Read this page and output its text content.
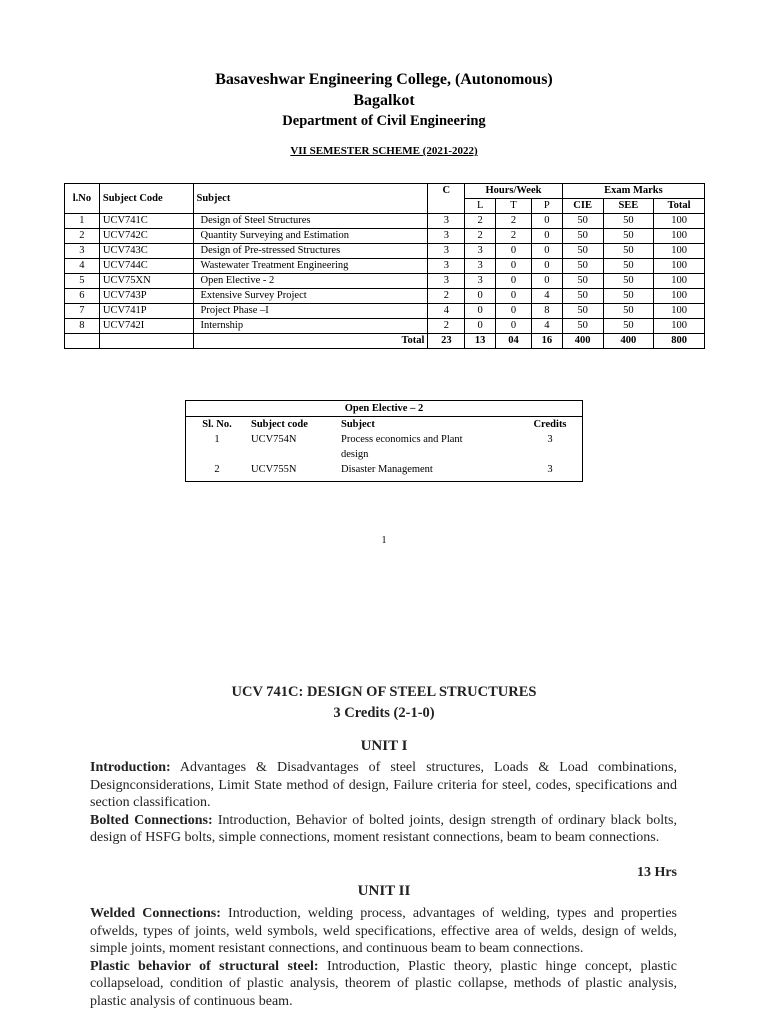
Basaveshwar Engineering College, (Autonomous)
Bagalkot
Department of Civil Engineering
VII SEMESTER SCHEME (2021-2022)
l.No	Subject Code	Subject	C	Hours/Week			Exam Marks		
				L	T	P	CIE	SEE	Total
1	UCV741C	Design of Steel Structures	3	2	2	0	50	50	100
2	UCV742C	Quantity Surveying and Estimation	3	2	2	0	50	50	100
3	UCV743C	Design of Pre-stressed Structures	3	3	0	0	50	50	100
4	UCV744C	Wastewater Treatment Engineering	3	3	0	0	50	50	100
5	UCV75XN	Open Elective - 2	3	3	0	0	50	50	100
6	UCV743P	Extensive Survey Project	2	0	0	4	50	50	100
7	UCV741P	Project Phase –I	4	0	0	8	50	50	100
8	UCV742I	Internship	2	0	0	4	50	50	100
		Total	23	13	04	16	400	400	800
Open Elective – 2
Sl. No.	Subject code	Subject	Credits
1	UCV754N	Process economics and Plant
design	3
2	UCV755N	Disaster Management	3
1
UCV 741C: DESIGN OF STEEL STRUCTURES
3 Credits (2-1-0)
UNIT I

Introduction: Advantages & Disadvantages of steel structures, Loads & Load combinations, Designconsiderations, Limit State method of design, Failure criteria for steel, codes, specifications and section classification.

Bolted Connections: Introduction, Behavior of bolted joints, design strength of ordinary black bolts, design of HSFG bolts, simple connections, moment resistant connections, beam to beam connections.

13 Hrs
UNIT II

Welded Connections: Introduction, welding process, advantages of welding, types and properties ofwelds, types of joints, weld symbols, weld specifications, effective area of welds, design of welds, simple joints, moment resistant connections, and continuous beam to beam connections.

Plastic behavior of structural steel: Introduction, Plastic theory, plastic hinge concept, plastic collapseload, condition of plastic analysis, theorem of plastic collapse, methods of plastic analysis, plastic analysis of continuous beam.
